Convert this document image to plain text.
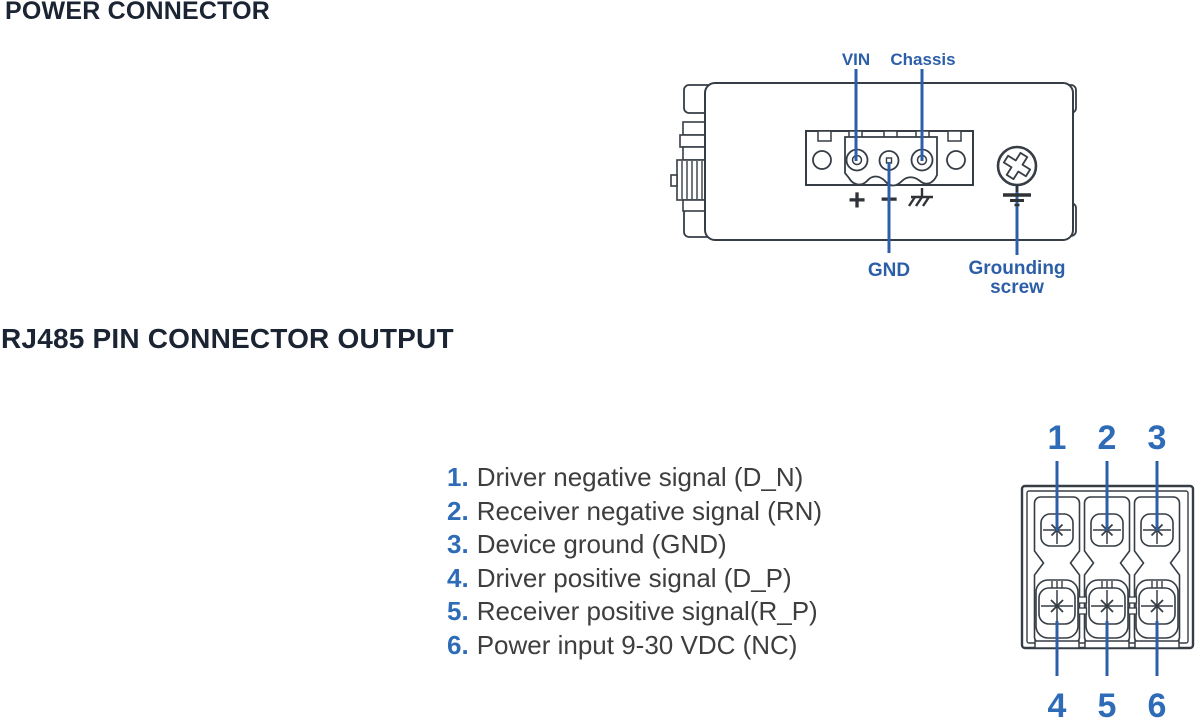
POWER CONNECTOR
+ −
VIN Chassis
GND	Grounding
screw
RJ485 PIN CONNECTOR OUTPUT
1. Driver negative signal (D_N)
2. Receiver negative signal (RN)
3. Device ground (GND)
4. Driver positive signal (D_P)
5. Receiver positive signal(R_P)
6. Power input 9-30 VDC (NC)
1 2 3
4 5 6
